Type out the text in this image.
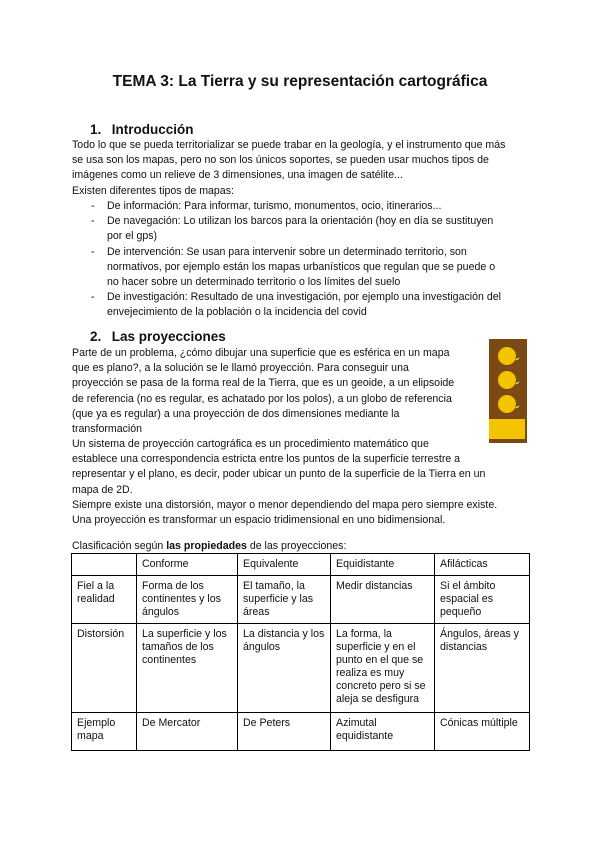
TEMA 3: La Tierra y su representación cartográfica
1. Introducción

Todo lo que se pueda territorializar se puede trabar en la geología, y el instrumento que más
se usa son los mapas, pero no son los únicos soportes, se pueden usar muchos tipos de
imágenes como un relieve de 3 dimensiones, una imagen de satélite...
Existen diferentes tipos de mapas:

- De información: Para informar, turismo, monumentos, ocio, itinerarios...
- De navegación: Lo utilizan los barcos para la orientación (hoy en día se sustituyen
por el gps)
- De intervención: Se usan para intervenir sobre un determinado territorio, son
normativos, por ejemplo están los mapas urbanísticos que regulan que se puede o
no hacer sobre un determinado territorio o los límites del suelo
- De investigación: Resultado de una investigación, por ejemplo una investigación del
envejecimiento de la población o la incidencia del covid
2. Las proyecciones

Parte de un problema, ¿cómo dibujar una superficie que es esférica en un mapa
que es plano?, a la solución se le llamó proyección. Para conseguir una
proyección se pasa de la forma real de la Tierra, que es un geoide, a un elipsoide
de referencia (no es regular, es achatado por los polos), a un globo de referencia
(que ya es regular) a una proyección de dos dimensiones mediante la
transformación

Un sistema de proyección cartográfica es un procedimiento matemático que
establece una correspondencia estricta entre los puntos de la superficie terrestre a
representar y el plano, es decir, poder ubicar un punto de la superficie de la Tierra en un
mapa de 2D.
Siempre existe una distorsión, mayor o menor dependiendo del mapa pero siempre existe.
Una proyección es transformar un espacio tridimensional en uno bidimensional.

Clasificación según las propiedades de las proyecciones:
	Conforme	Equivalente	Equidistante	Afilácticas
Fiel a la realidad	Forma de los continentes y los ángulos	El tamaño, la superficie y las áreas	Medir distancias	Si el ámbito espacial es pequeño
Distorsión	La superficie y los tamaños de los continentes	La distancia y los ángulos	La forma, la superficie y en el punto en el que se realiza es muy concreto pero si se aleja se desfigura	Ángulos, áreas y distancias
Ejemplo mapa	De Mercator	De Peters	Azimutal equidistante	Cónicas múltiple
